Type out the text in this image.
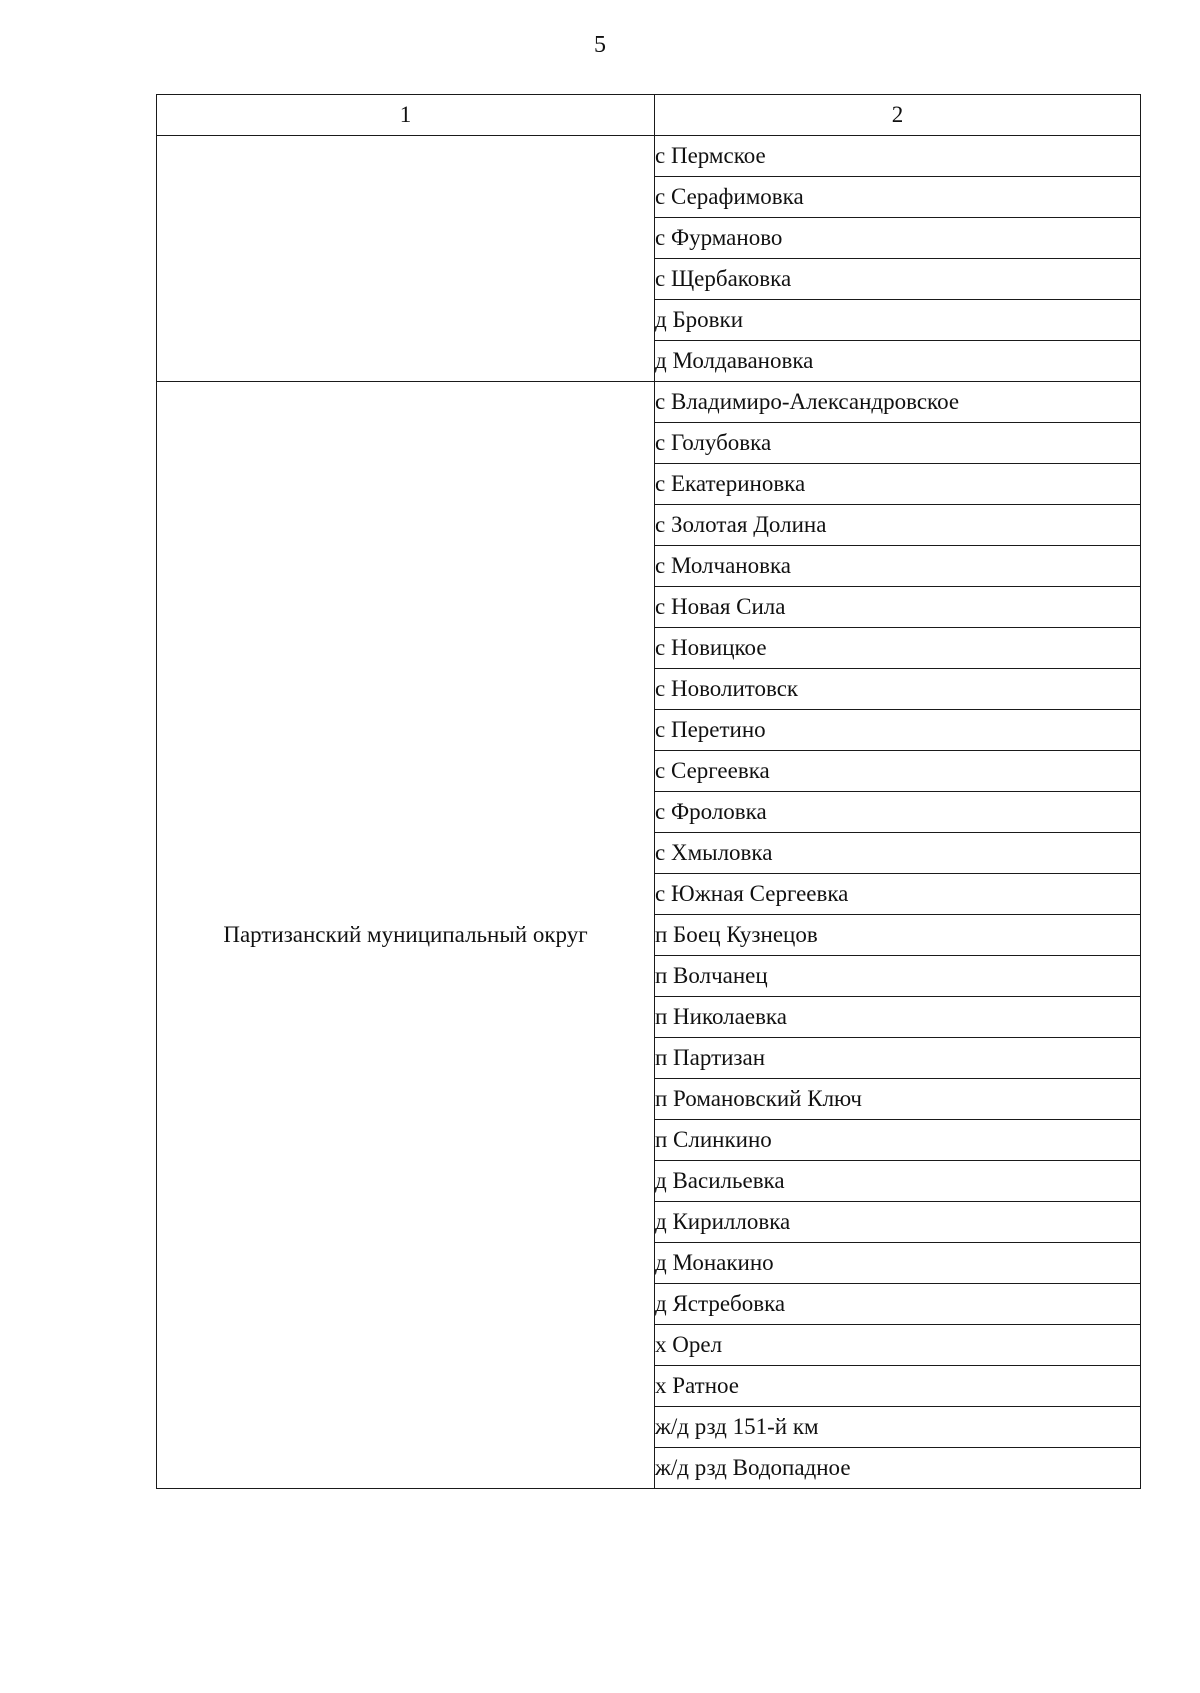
5
1	2
	с Пермское
	с Серафимовка
	с Фурманово
	с Щербаковка
	д Бровки
	д Молдавановка
Партизанский муниципальный округ	с Владимиро-Александровское
	с Голубовка
	с Екатериновка
	с Золотая Долина
	с Молчановка
	с Новая Сила
	с Новицкое
	с Новолитовск
	с Перетино
	с Сергеевка
	с Фроловка
	с Хмыловка
	с Южная Сергеевка
	п Боец Кузнецов
	п Волчанец
	п Николаевка
	п Партизан
	п Романовский Ключ
	п Слинкино
	д Васильевка
	д Кирилловка
	д Монакино
	д Ястребовка
	х Орел
	х Ратное
	ж/д рзд 151-й км
	ж/д рзд Водопадное
